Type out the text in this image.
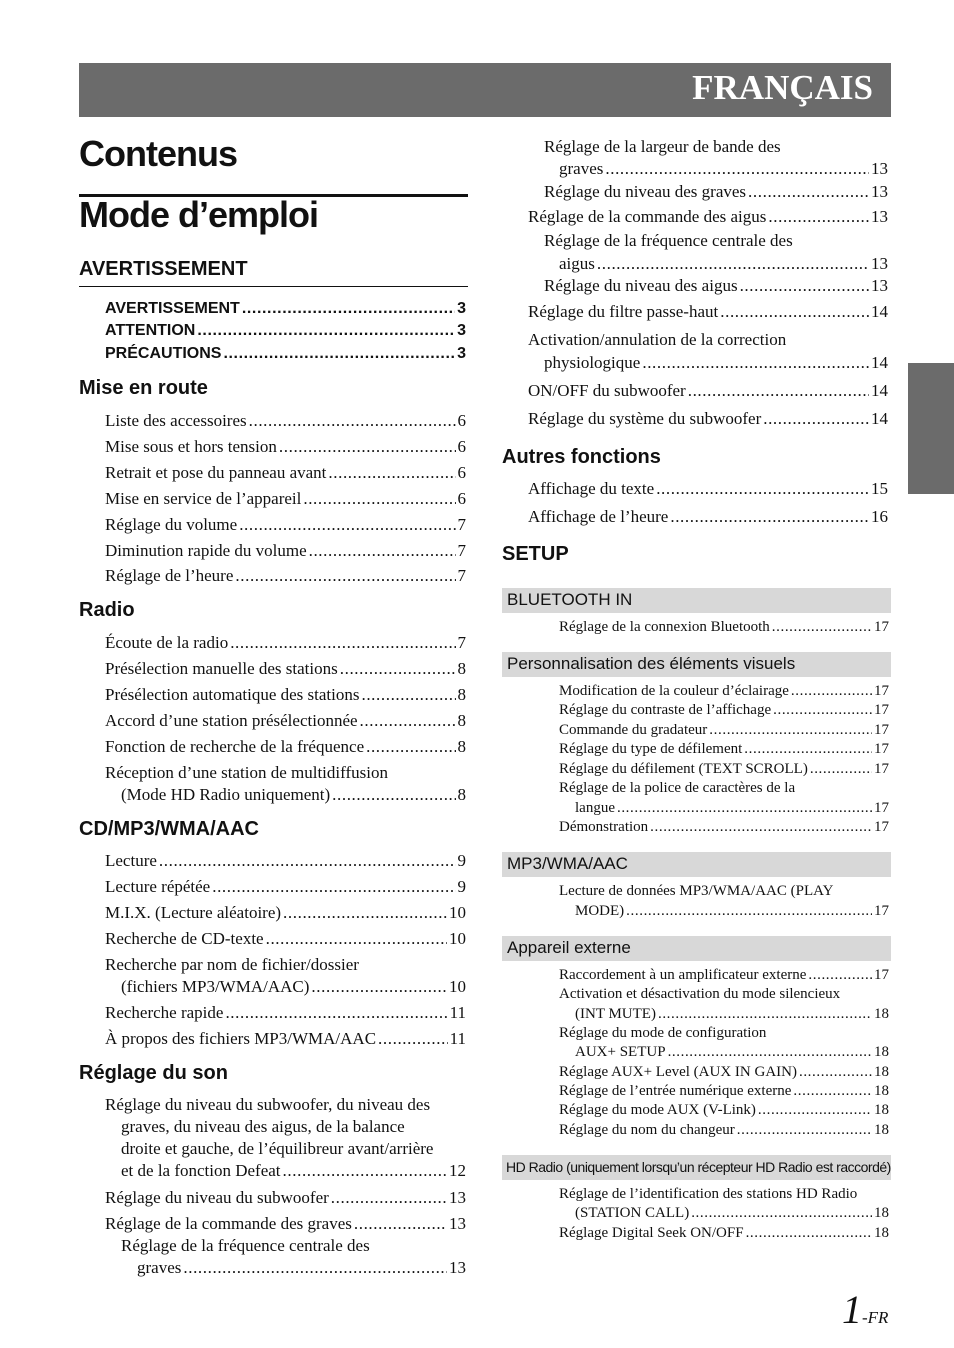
FRANÇAIS
Contenus
Mode d’emploi
AVERTISSEMENT
AVERTISSEMENT .....	3
ATTENTION .....	3
PRÉCAUTIONS .....	3
Mise en route
Liste des accessoires .....	6
Mise sous et hors tension .....	6
Retrait et pose du panneau avant .....	6
Mise en service de l’appareil .....	6
Réglage du volume .....	7
Diminution rapide du volume .....	7
Réglage de l’heure .....	7
Radio
Écoute de la radio .....	7
Présélection manuelle des stations .....	8
Présélection automatique des stations .....	8
Accord d’une station présélectionnée .....	8
Fonction de recherche de la fréquence .....	8
Réception d’une station de multidiffusion
(Mode HD Radio uniquement) .....	8
CD/MP3/WMA/AAC
Lecture .....	9
Lecture répétée .....	9
M.I.X. (Lecture aléatoire) .....	10
Recherche de CD-texte .....	10
Recherche par nom de fichier/dossier
(fichiers MP3/WMA/AAC) .....	10
Recherche rapide .....	11
À propos des fichiers MP3/WMA/AAC .....	11
Réglage du son
Réglage du niveau du subwoofer, du niveau des
graves, du niveau des aigus, de la balance
droite et gauche, de l’équilibreur avant/arrière
et de la fonction Defeat .....	12
Réglage du niveau du subwoofer .....	13
Réglage de la commande des graves .....	13
Réglage de la fréquence centrale des
graves .....	13
Réglage de la largeur de bande des
graves .....	13
Réglage du niveau des graves .....	13
Réglage de la commande des aigus .....	13
Réglage de la fréquence centrale des
aigus .....	13
Réglage du niveau des aigus .....	13
Réglage du filtre passe-haut .....	14
Activation/annulation de la correction
physiologique .....	14
ON/OFF du subwoofer .....	14
Réglage du système du subwoofer .....	14
Autres fonctions
Affichage du texte .....	15
Affichage de l’heure .....	16
SETUP
BLUETOOTH IN
Réglage de la connexion Bluetooth .....	17
Personnalisation des éléments visuels
Modification de la couleur d’éclairage .....	17
Réglage du contraste de l’affichage .....	17
Commande du gradateur .....	17
Réglage du type de défilement .....	17
Réglage du défilement (TEXT SCROLL) .....	17
Réglage de la police de caractères de la
langue .....	17
Démonstration .....	17
MP3/WMA/AAC
Lecture de données MP3/WMA/AAC (PLAY
MODE) .....	17
Appareil externe
Raccordement à un amplificateur externe .....	17
Activation et désactivation du mode silencieux
(INT MUTE) .....	18
Réglage du mode de configuration
AUX+ SETUP .....	18
Réglage AUX+ Level (AUX IN GAIN) .....	18
Réglage de l’entrée numérique externe .....	18
Réglage du mode AUX (V-Link) .....	18
Réglage du nom du changeur .....	18
HD Radio (uniquement lorsqu’un récepteur HD Radio est raccordé)
Réglage de l’identification des stations HD Radio
(STATION CALL) .....	18
Réglage Digital Seek ON/OFF .....	18
1-FR
